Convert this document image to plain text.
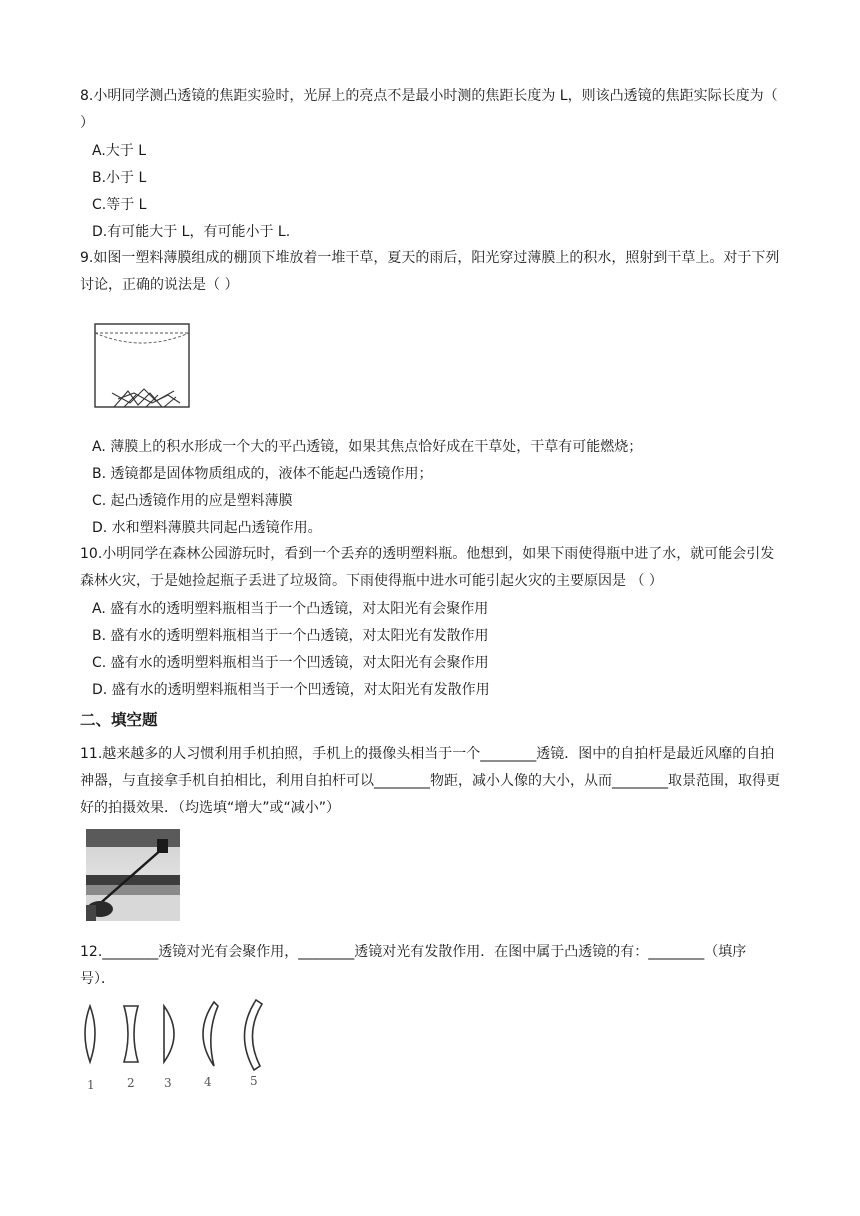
8.小明同学测凸透镜的焦距实验时，光屏上的亮点不是最小时测的焦距长度为 L，则该凸透镜的焦距实际长度为（ ）

A.大于 L

B.小于 L

C.等于 L

D.有可能大于 L，有可能小于 L.

9.如图一塑料薄膜组成的棚顶下堆放着一堆干草，夏天的雨后，阳光穿过薄膜上的积水，照射到干草上。对于下列讨论，正确的说法是（ ）

A. 薄膜上的积水形成一个大的平凸透镜，如果其焦点恰好成在干草处，干草有可能燃烧；

B. 透镜都是固体物质组成的，液体不能起凸透镜作用；

C. 起凸透镜作用的应是塑料薄膜

D. 水和塑料薄膜共同起凸透镜作用。

10.小明同学在森林公园游玩时，看到一个丢弃的透明塑料瓶。他想到，如果下雨使得瓶中进了水，就可能会引发森林火灾，于是她捡起瓶子丢进了垃圾筒。下雨使得瓶中进水可能引起火灾的主要原因是 （ ）

A. 盛有水的透明塑料瓶相当于一个凸透镜，对太阳光有会聚作用

B. 盛有水的透明塑料瓶相当于一个凸透镜，对太阳光有发散作用

C. 盛有水的透明塑料瓶相当于一个凹透镜，对太阳光有会聚作用

D. 盛有水的透明塑料瓶相当于一个凹透镜，对太阳光有发散作用

二、填空题

11.越来越多的人习惯利用手机拍照，手机上的摄像头相当于一个________透镜．图中的自拍杆是最近风靡的自拍神器，与直接拿手机自拍相比，利用自拍杆可以________物距，减小人像的大小，从而________取景范围，取得更好的拍摄效果．（均选填“增大”或“减小”）

12.________透镜对光有会聚作用，________透镜对光有发散作用．在图中属于凸透镜的有：________（填序号）．

1	2 3	4	5
